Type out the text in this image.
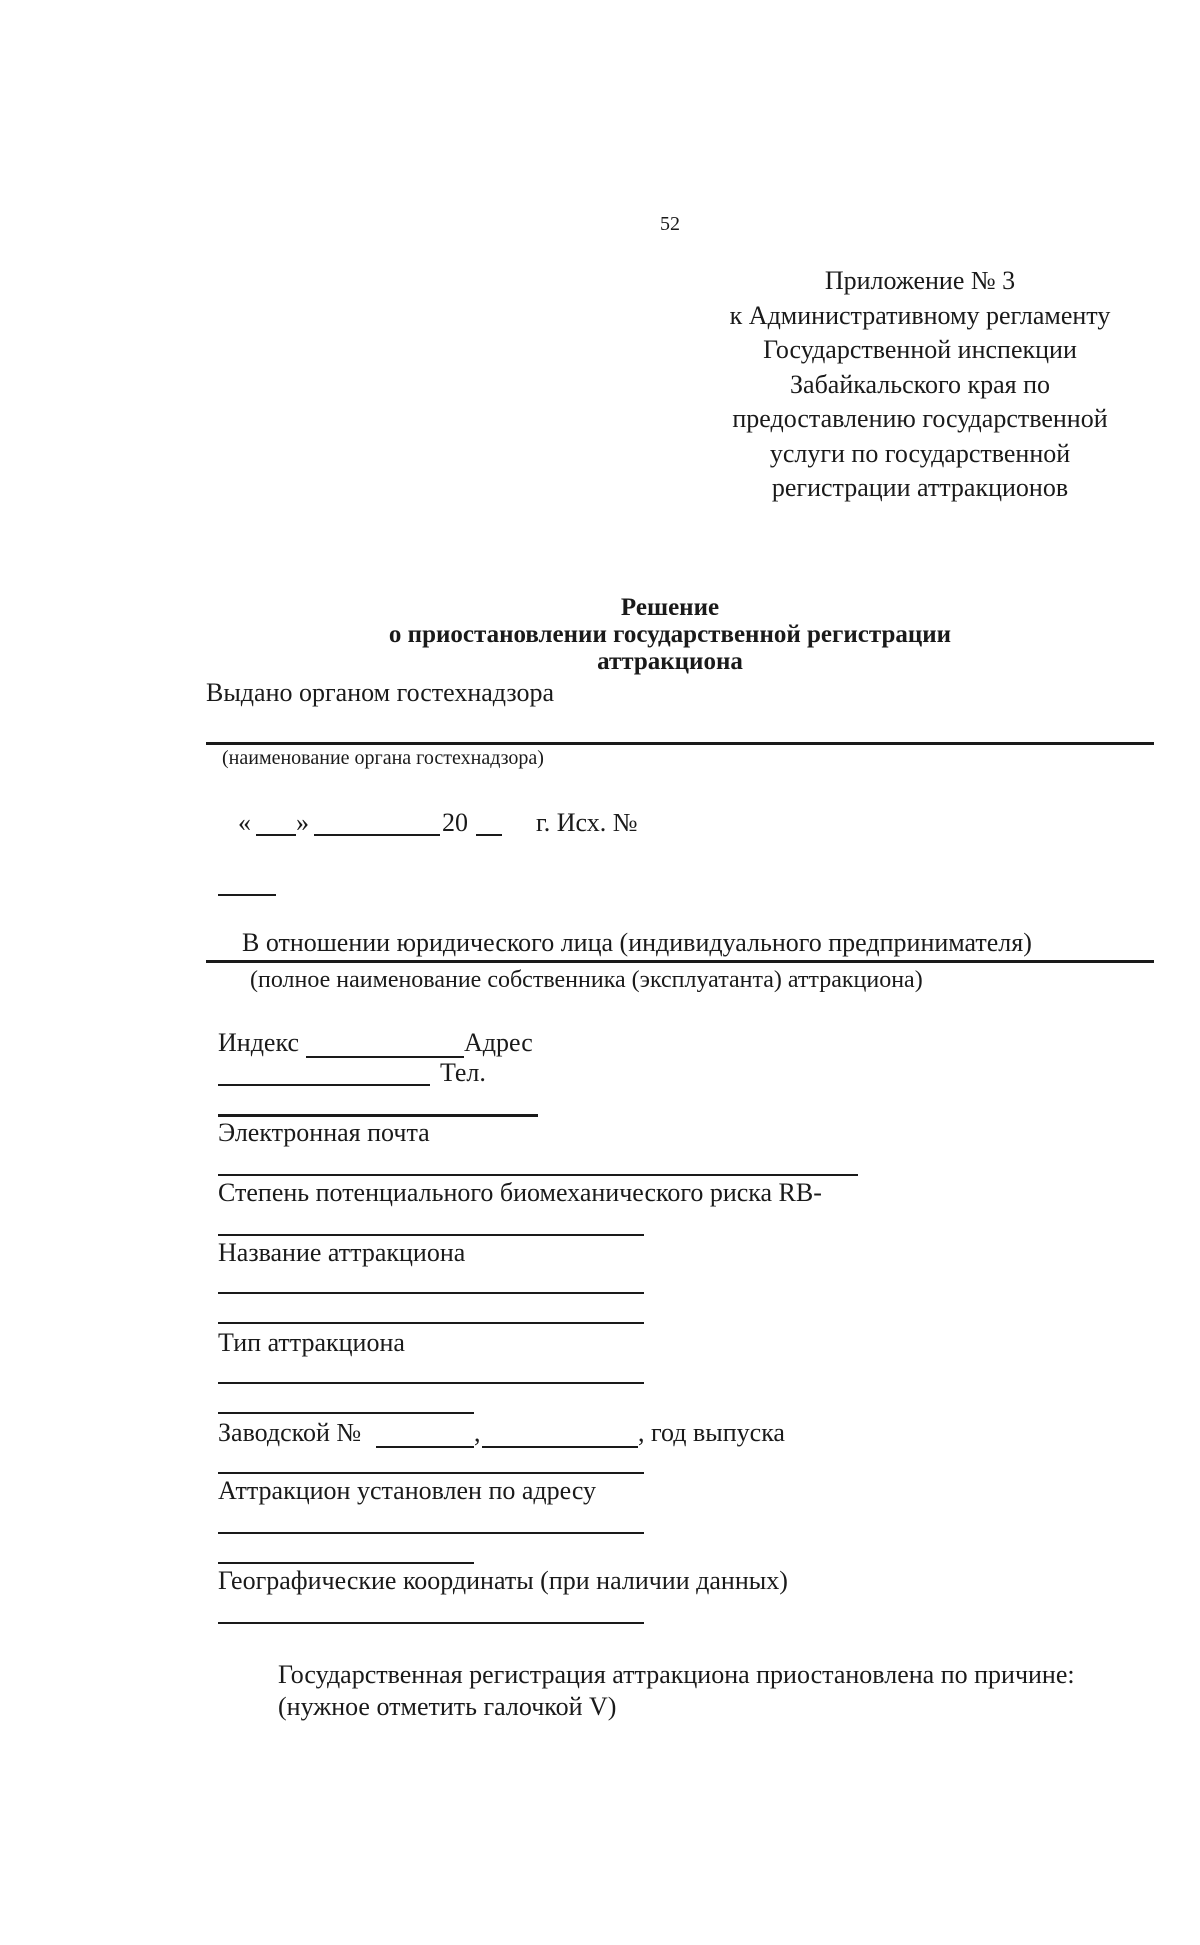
52
Приложение № 3
к Административному регламенту
Государственной инспекции
Забайкальского края по
предоставлению государственной
услуги по государственной
регистрации аттракционов
Решение
о приостановлении государственной регистрации
аттракциона
Выдано органом гостехнадзора
(наименование органа гостехнадзора)
« »	20	г. Исх. №
В отношении юридического лица (индивидуального предпринимателя)
(полное наименование собственника (эксплуатанта) аттракциона)
Индекс	Адрес
Тел.
Электронная почта
Степень потенциального биомеханического риска RB-
Название аттракциона
Тип аттракциона
Заводской №	,	, год выпуска
Аттракцион установлен по адресу
Географические координаты (при наличии данных)
Государственная регистрация аттракциона приостановлена по причине:
(нужное отметить галочкой V)
